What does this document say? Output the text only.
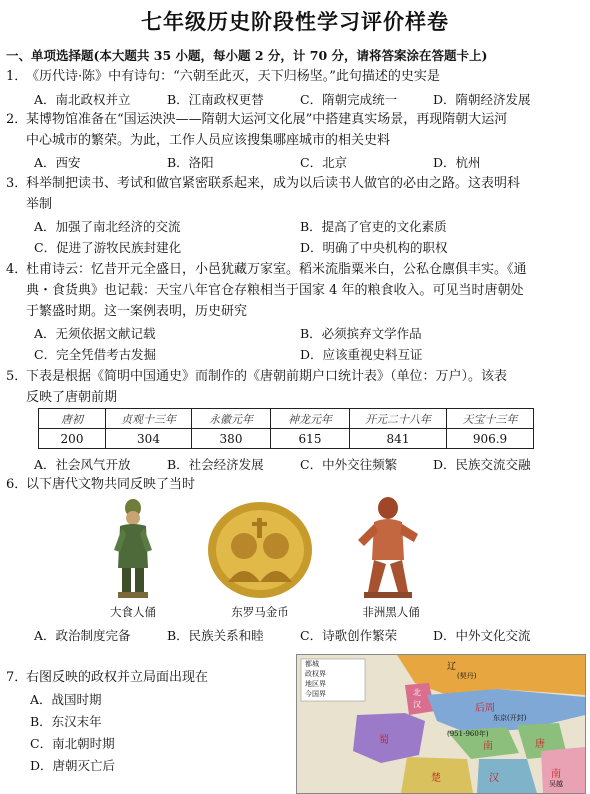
七年级历史阶段性学习评价样卷
一、单项选择题(本大题共 35 小题，每小题 2 分，计 70 分，请将答案涂在答题卡上)
1．《历代诗·陈》中有诗句：“六朝至此灭，天下归杨坚。”此句描述的史实是
A．南北政权并立	B．江南政权更替	C．隋朝完成统一	D．隋朝经济发展
2．某博物馆准备在“国运泱泱——隋朝大运河文化展”中搭建真实场景，再现隋朝大运河
中心城市的繁荣。为此，工作人员应该搜集哪座城市的相关史料
A．西安	B．洛阳	C．北京	D．杭州
3．科举制把读书、考试和做官紧密联系起来，成为以后读书人做官的必由之路。这表明科
举制
A．加强了南北经济的交流	B．提高了官吏的文化素质
C．促进了游牧民族封建化	D．明确了中央机构的职权
4．杜甫诗云：忆昔开元全盛日，小邑犹藏万家室。稻米流脂粟米白，公私仓廪俱丰实。《通
典・食货典》也记载：天宝八年官仓存粮相当于国家 4 年的粮食收入。可见当时唐朝处
于繁盛时期。这一案例表明，历史研究
A．无须依据文献记载	B．必须摈弃文学作品
C．完全凭借考古发掘	D．应该重视史料互证
5．下表是根据《简明中国通史》而制作的《唐朝前期户口统计表》（单位：万户）。该表
反映了唐朝前期
唐初	贞观十三年	永徽元年	神龙元年	开元二十八年	天宝十三年
200	304	380	615	841	906.9
A．社会风气开放	B．社会经济发展	C．中外交往频繁	D．民族交流交融
6．以下唐代文物共同反映了当时
大食人俑	东罗马金币	非洲黑人俑
A．政治制度完备	B．民族关系和睦	C．诗歌创作繁荣	D．中外文化交流
7．右图反映的政权并立局面出现在
A．战国时期
B．东汉末年
C．南北朝时期
D．唐朝灭亡后
都城
政权界
地区界
今国界
辽
(契丹)
北
汉	后周
东京(开封)
蜀
南	唐
汉
楚	南
吴越
(951-960年)
